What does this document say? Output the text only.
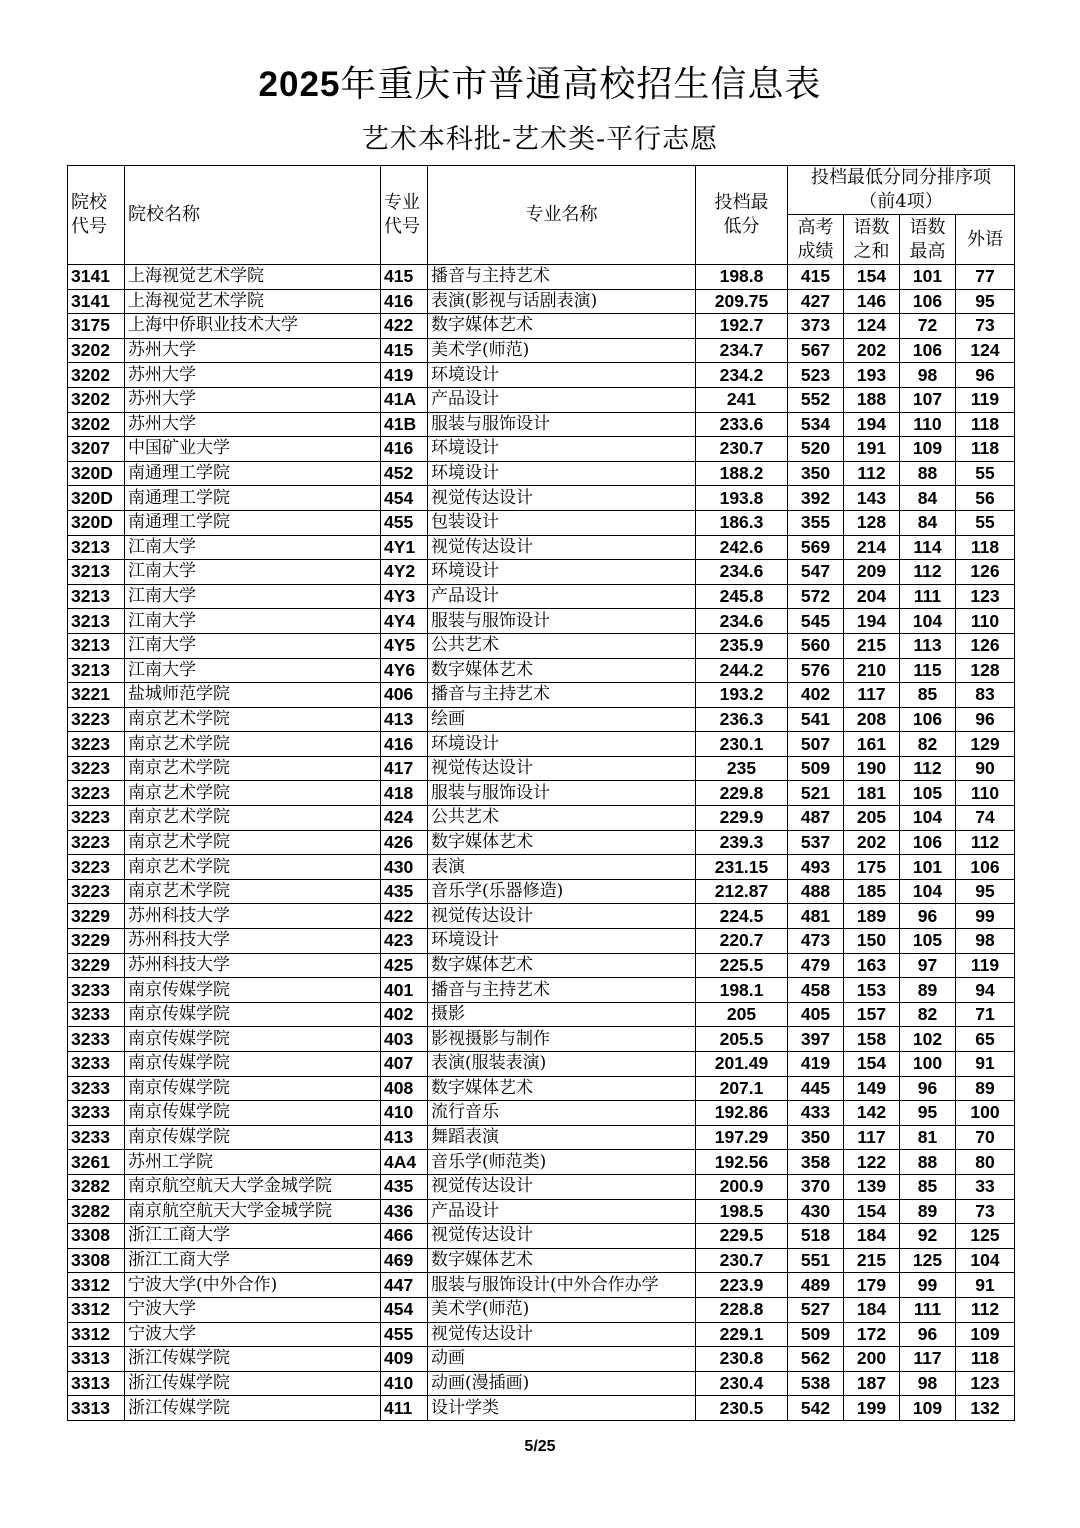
2025年重庆市普通高校招生信息表
艺术本科批-艺术类-平行志愿
院校代号	院校名称	专业代号	专业名称	投档最低分	投档最低分同分排序项（前4项）			
					高考成绩	语数之和	语数最高	外语
3141	上海视觉艺术学院	415	播音与主持艺术	198.8	415	154	101	77
3141	上海视觉艺术学院	416	表演(影视与话剧表演)	209.75	427	146	106	95
3175	上海中侨职业技术大学	422	数字媒体艺术	192.7	373	124	72	73
3202	苏州大学	415	美术学(师范)	234.7	567	202	106	124
3202	苏州大学	419	环境设计	234.2	523	193	98	96
3202	苏州大学	41A	产品设计	241	552	188	107	119
3202	苏州大学	41B	服装与服饰设计	233.6	534	194	110	118
3207	中国矿业大学	416	环境设计	230.7	520	191	109	118
320D	南通理工学院	452	环境设计	188.2	350	112	88	55
320D	南通理工学院	454	视觉传达设计	193.8	392	143	84	56
320D	南通理工学院	455	包装设计	186.3	355	128	84	55
3213	江南大学	4Y1	视觉传达设计	242.6	569	214	114	118
3213	江南大学	4Y2	环境设计	234.6	547	209	112	126
3213	江南大学	4Y3	产品设计	245.8	572	204	111	123
3213	江南大学	4Y4	服装与服饰设计	234.6	545	194	104	110
3213	江南大学	4Y5	公共艺术	235.9	560	215	113	126
3213	江南大学	4Y6	数字媒体艺术	244.2	576	210	115	128
3221	盐城师范学院	406	播音与主持艺术	193.2	402	117	85	83
3223	南京艺术学院	413	绘画	236.3	541	208	106	96
3223	南京艺术学院	416	环境设计	230.1	507	161	82	129
3223	南京艺术学院	417	视觉传达设计	235	509	190	112	90
3223	南京艺术学院	418	服装与服饰设计	229.8	521	181	105	110
3223	南京艺术学院	424	公共艺术	229.9	487	205	104	74
3223	南京艺术学院	426	数字媒体艺术	239.3	537	202	106	112
3223	南京艺术学院	430	表演	231.15	493	175	101	106
3223	南京艺术学院	435	音乐学(乐器修造)	212.87	488	185	104	95
3229	苏州科技大学	422	视觉传达设计	224.5	481	189	96	99
3229	苏州科技大学	423	环境设计	220.7	473	150	105	98
3229	苏州科技大学	425	数字媒体艺术	225.5	479	163	97	119
3233	南京传媒学院	401	播音与主持艺术	198.1	458	153	89	94
3233	南京传媒学院	402	摄影	205	405	157	82	71
3233	南京传媒学院	403	影视摄影与制作	205.5	397	158	102	65
3233	南京传媒学院	407	表演(服装表演)	201.49	419	154	100	91
3233	南京传媒学院	408	数字媒体艺术	207.1	445	149	96	89
3233	南京传媒学院	410	流行音乐	192.86	433	142	95	100
3233	南京传媒学院	413	舞蹈表演	197.29	350	117	81	70
3261	苏州工学院	4A4	音乐学(师范类)	192.56	358	122	88	80
3282	南京航空航天大学金城学院	435	视觉传达设计	200.9	370	139	85	33
3282	南京航空航天大学金城学院	436	产品设计	198.5	430	154	89	73
3308	浙江工商大学	466	视觉传达设计	229.5	518	184	92	125
3308	浙江工商大学	469	数字媒体艺术	230.7	551	215	125	104
3312	宁波大学(中外合作)	447	服装与服饰设计(中外合作办学	223.9	489	179	99	91
3312	宁波大学	454	美术学(师范)	228.8	527	184	111	112
3312	宁波大学	455	视觉传达设计	229.1	509	172	96	109
3313	浙江传媒学院	409	动画	230.8	562	200	117	118
3313	浙江传媒学院	410	动画(漫插画)	230.4	538	187	98	123
3313	浙江传媒学院	411	设计学类	230.5	542	199	109	132
5/25
